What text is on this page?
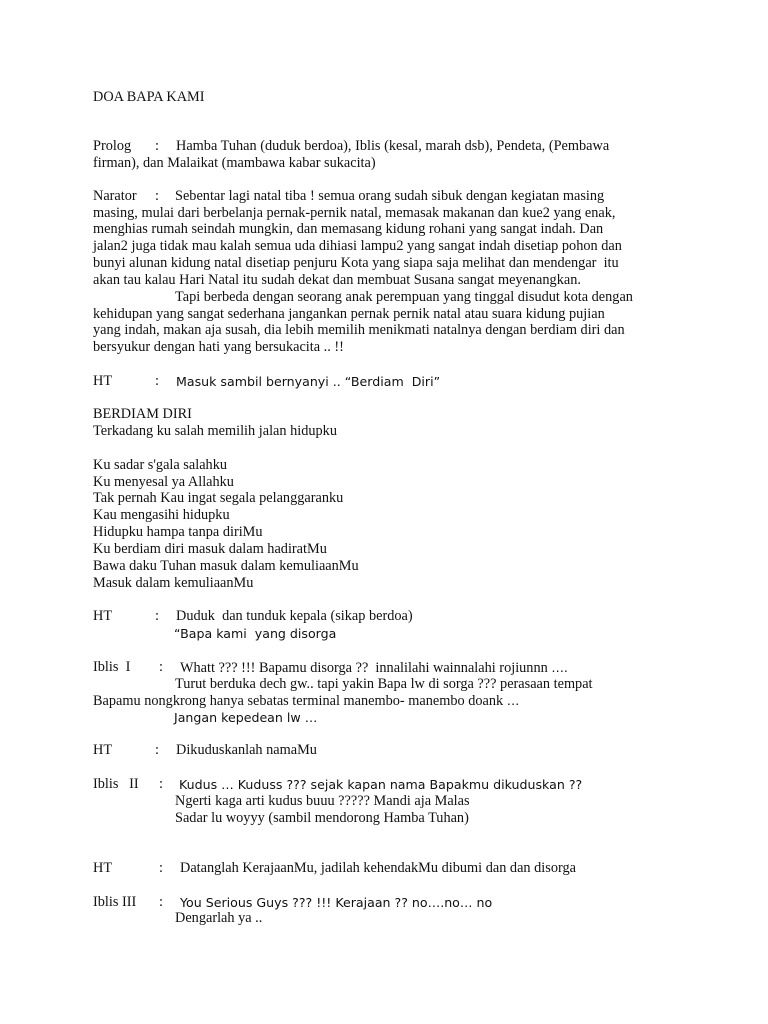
DOA BAPA KAMI
Prolog : Hamba Tuhan (duduk berdoa), Iblis (kesal, marah dsb), Pendeta, (Pembawa
firman), dan Malaikat (mambawa kabar sukacita)
Narator : Sebentar lagi natal tiba ! semua orang sudah sibuk dengan kegiatan masing
masing, mulai dari berbelanja pernak-pernik natal, memasak makanan dan kue2 yang enak,
menghias rumah seindah mungkin, dan memasang kidung rohani yang sangat indah. Dan
jalan2 juga tidak mau kalah semua uda dihiasi lampu2 yang sangat indah disetiap pohon dan
bunyi alunan kidung natal disetiap penjuru Kota yang siapa saja melihat dan mendengar  itu
akan tau kalau Hari Natal itu sudah dekat dan membuat Susana sangat meyenangkan.
Tapi berbeda dengan seorang anak perempuan yang tinggal disudut kota dengan
kehidupan yang sangat sederhana jangankan pernak pernik natal atau suara kidung pujian
yang indah, makan aja susah, dia lebih memilih menikmati natalnya dengan berdiam diri dan
bersyukur dengan hati yang bersukacita .. !!
HT	: Masuk sambil bernyanyi .. “Berdiam  Diri”
BERDIAM DIRI
Terkadang ku salah memilih jalan hidupku
Ku sadar s'gala salahku
Ku menyesal ya Allahku
Tak pernah Kau ingat segala pelanggaranku
Kau mengasihi hidupku
Hidupku hampa tanpa diriMu
Ku berdiam diri masuk dalam hadiratMu
Bawa daku Tuhan masuk dalam kemuliaanMu
Masuk dalam kemuliaanMu
HT	: Duduk  dan tunduk kepala (sikap berdoa)
“Bapa kami  yang disorga
Iblis  I : Whatt ??? !!! Bapamu disorga ??  innalilahi wainnalahi rojiunnn ….
Turut berduka dech gw.. tapi yakin Bapa lw di sorga ??? perasaan tempat
Bapamu nongkrong hanya sebatas terminal manembo- manembo doank …
Jangan kepedean lw …
HT	: Dikuduskanlah namaMu
Iblis   II : Kudus … Kuduss ??? sejak kapan nama Bapakmu dikuduskan ??
Ngerti kaga arti kudus buuu ????? Mandi aja Malas
Sadar lu woyyy (sambil mendorong Hamba Tuhan)
HT	: Datanglah KerajaanMu, jadilah kehendakMu dibumi dan dan disorga
Iblis III : You Serious Guys ??? !!! Kerajaan ?? no….no… no
Dengarlah ya ..
